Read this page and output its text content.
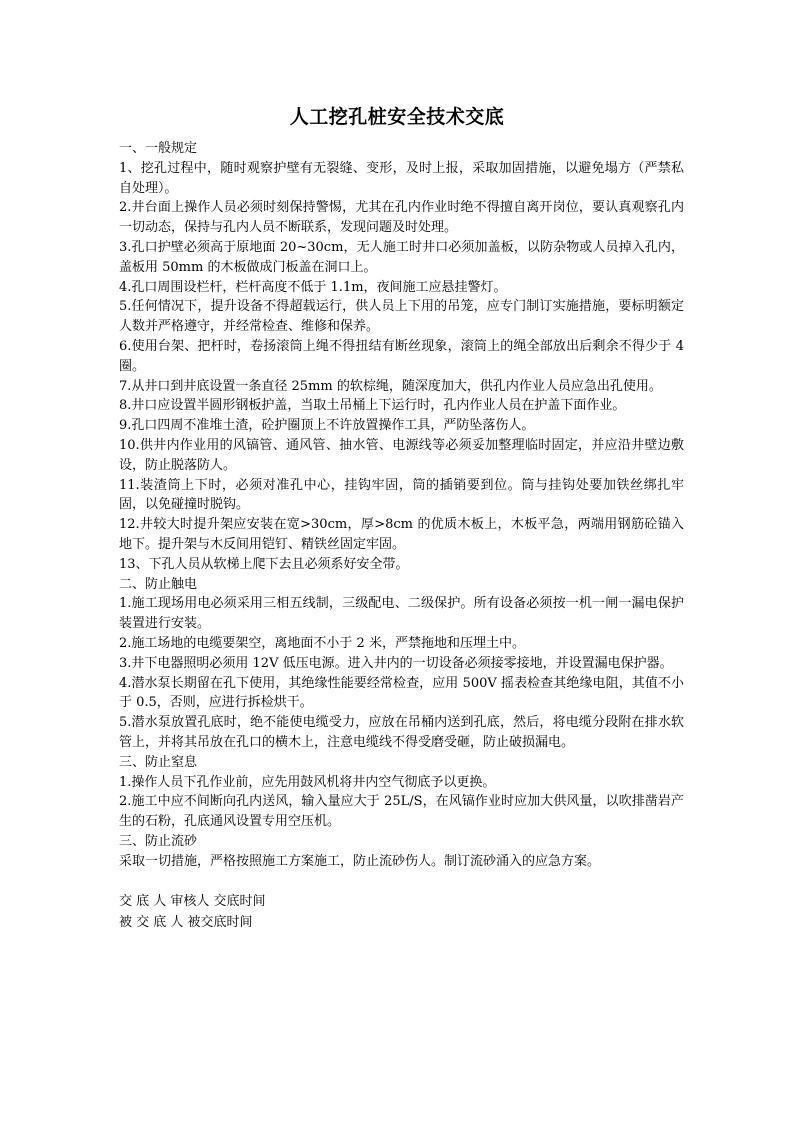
人工挖孔桩安全技术交底

一、一般规定

1、挖孔过程中，随时观察护壁有无裂缝、变形，及时上报，采取加固措施，以避免塌方（严禁私自处理）。

2.井台面上操作人员必须时刻保持警惕，尤其在孔内作业时绝不得擅自离开岗位，要认真观察孔内一切动态，保持与孔内人员不断联系，发现问题及时处理。

3.孔口护壁必须高于原地面 20~30cm，无人施工时井口必须加盖板，以防杂物或人员掉入孔内，盖板用 50mm 的木板做成门板盖在洞口上。

4.孔口周围设栏杆，栏杆高度不低于 1.1m，夜间施工应悬挂警灯。

5.任何情况下，提升设备不得超载运行，供人员上下用的吊笼，应专门制订实施措施，要标明额定人数并严格遵守，并经常检查、维修和保养。

6.使用台架、把杆时，卷扬滚筒上绳不得扭结有断丝现象，滚筒上的绳全部放出后剩余不得少于 4 圈。

7.从井口到井底设置一条直径 25mm 的软棕绳，随深度加大，供孔内作业人员应急出孔使用。

8.井口应设置半圆形钢板护盖，当取土吊桶上下运行时，孔内作业人员在护盖下面作业。

9.孔口四周不准堆土渣，砼护圈顶上不许放置操作工具，严防坠落伤人。

10.供井内作业用的风镐管、通风管、抽水管、电源线等必须妥加整理临时固定，并应沿井壁边敷设，防止脱落防人。

11.装渣筒上下时，必须对准孔中心，挂钩牢固，筒的插销要到位。筒与挂钩处要加铁丝绑扎牢固，以免碰撞时脱钩。

12.井较大时提升架应安装在宽>30cm，厚>8cm 的优质木板上，木板平急，两端用钢筋砼锚入地下。提升架与木反间用铠钉、精铁丝固定牢固。

13、下孔人员从软梯上爬下去且必须系好安全带。

二、防止触电

1.施工现场用电必须采用三相五线制，三级配电、二级保护。所有设备必须按一机一闸一漏电保护装置进行安装。

2.施工场地的电缆要架空，离地面不小于 2 米，严禁拖地和压埋土中。

3.井下电器照明必须用 12V 低压电源。进入井内的一切设备必须接零接地，并设置漏电保护器。

4.潜水泵长期留在孔下使用，其绝缘性能要经常检查，应用 500V 摇表检查其绝缘电阻，其值不小于 0.5，否则，应进行拆检烘干。

5.潜水泵放置孔底时，绝不能使电缆受力，应放在吊桶内送到孔底，然后，将电缆分段附在排水软管上，并将其吊放在孔口的横木上，注意电缆线不得受磨受砸，防止破损漏电。

三、防止窒息

1.操作人员下孔作业前，应先用鼓风机将井内空气彻底予以更换。

2.施工中应不间断向孔内送风，输入量应大于 25L/S，在风镐作业时应加大供风量，以吹排凿岩产生的石粉，孔底通风设置专用空压机。

三、防止流砂

采取一切措施，严格按照施工方案施工，防止流砂伤人。制订流砂涌入的应急方案。

交 底 人 审核人 交底时间

被 交 底 人 被交底时间
